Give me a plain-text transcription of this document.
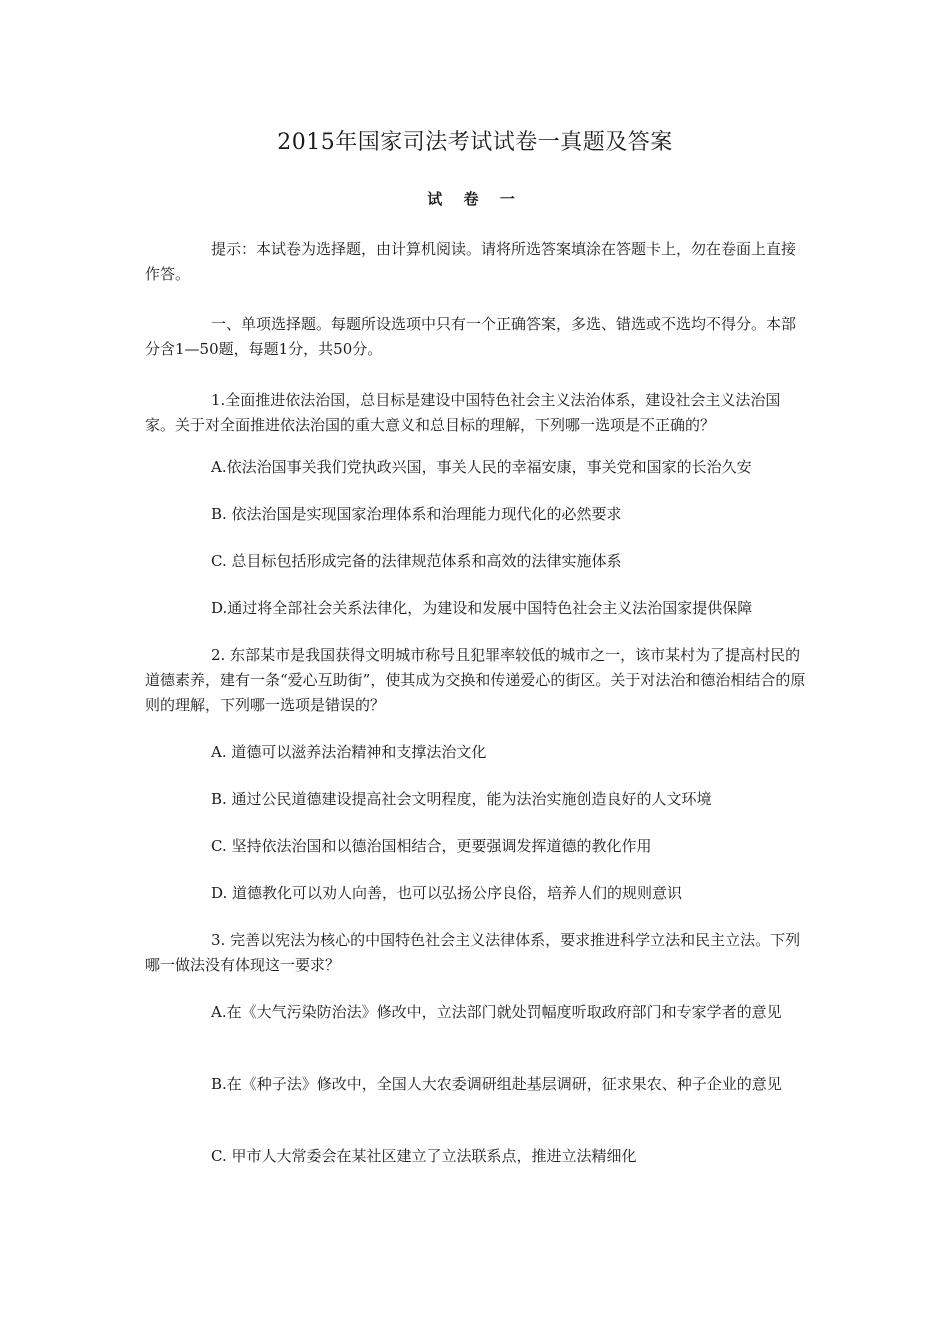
2015年国家司法考试试卷一真题及答案
试 卷 一

提示：本试卷为选择题，由计算机阅读。请将所选答案填涂在答题卡上，勿在卷面上直接作答。

一、单项选择题。每题所设选项中只有一个正确答案，多选、错选或不选均不得分。本部分含1—50题，每题1分，共50分。

1.全面推进依法治国，总目标是建设中国特色社会主义法治体系，建设社会主义法治国家。关于对全面推进依法治国的重大意义和总目标的理解，下列哪一选项是不正确的？

A.依法治国事关我们党执政兴国，事关人民的幸福安康，事关党和国家的长治久安

B. 依法治国是实现国家治理体系和治理能力现代化的必然要求

C. 总目标包括形成完备的法律规范体系和高效的法律实施体系

D.通过将全部社会关系法律化，为建设和发展中国特色社会主义法治国家提供保障

2. 东部某市是我国获得文明城市称号且犯罪率较低的城市之一，该市某村为了提高村民的道德素养，建有一条“爱心互助街”，使其成为交换和传递爱心的街区。关于对法治和德治相结合的原则的理解，下列哪一选项是错误的？

A. 道德可以滋养法治精神和支撑法治文化

B. 通过公民道德建设提高社会文明程度，能为法治实施创造良好的人文环境

C. 坚持依法治国和以德治国相结合，更要强调发挥道德的教化作用

D. 道德教化可以劝人向善，也可以弘扬公序良俗，培养人们的规则意识

3. 完善以宪法为核心的中国特色社会主义法律体系，要求推进科学立法和民主立法。下列哪一做法没有体现这一要求？

A.在《大气污染防治法》修改中，立法部门就处罚幅度听取政府部门和专家学者的意见

B.在《种子法》修改中，全国人大农委调研组赴基层调研，征求果农、种子企业的意见

C. 甲市人大常委会在某社区建立了立法联系点，推进立法精细化
